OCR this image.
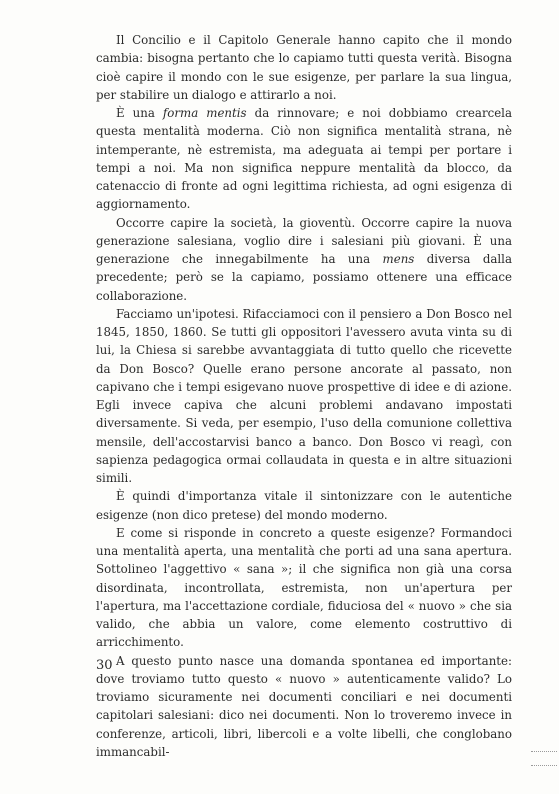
Il Concilio e il Capitolo Generale hanno capito che il mondo cambia: bisogna pertanto che lo capiamo tutti questa verità. Bisogna cioè capire il mondo con le sue esigenze, per parlare la sua lingua, per stabilire un dialogo e attirarlo a noi.

È una forma mentis da rinnovare; e noi dobbiamo crearcela questa mentalità moderna. Ciò non significa mentalità strana, nè intemperante, nè estremista, ma adeguata ai tempi per portare i tempi a noi. Ma non significa neppure mentalità da blocco, da catenaccio di fronte ad ogni legittima richiesta, ad ogni esigenza di aggiornamento.

Occorre capire la società, la gioventù. Occorre capire la nuova generazione salesiana, voglio dire i salesiani più giovani. È una generazione che innegabilmente ha una mens diversa dalla precedente; però se la capiamo, possiamo ottenere una efficace collaborazione.

Facciamo un'ipotesi. Rifacciamoci con il pensiero a Don Bosco nel 1845, 1850, 1860. Se tutti gli oppositori l'avessero avuta vinta su di lui, la Chiesa si sarebbe avvantaggiata di tutto quello che ricevette da Don Bosco? Quelle erano persone ancorate al passato, non capivano che i tempi esigevano nuove prospettive di idee e di azione. Egli invece capiva che alcuni problemi andavano impostati diversamente. Si veda, per esempio, l'uso della comunione collettiva mensile, dell'accostarvisi banco a banco. Don Bosco vi reagì, con sapienza pedagogica ormai collaudata in questa e in altre situazioni simili.

È quindi d'importanza vitale il sintonizzare con le autentiche esigenze (non dico pretese) del mondo moderno.

E come si risponde in concreto a queste esigenze? Formandoci una mentalità aperta, una mentalità che porti ad una sana apertura. Sottolineo l'aggettivo « sana »; il che significa non già una corsa disordinata, incontrollata, estremista, non un'apertura per l'apertura, ma l'accettazione cordiale, fiduciosa del « nuovo » che sia valido, che abbia un valore, come elemento costruttivo di arricchimento.

A questo punto nasce una domanda spontanea ed importante: dove troviamo tutto questo « nuovo » autenticamente valido? Lo troviamo sicuramente nei documenti conciliari e nei documenti capitolari salesiani: dico nei documenti. Non lo troveremo invece in conferenze, articoli, libri, libercoli e a volte libelli, che conglobano immancabil-

30
